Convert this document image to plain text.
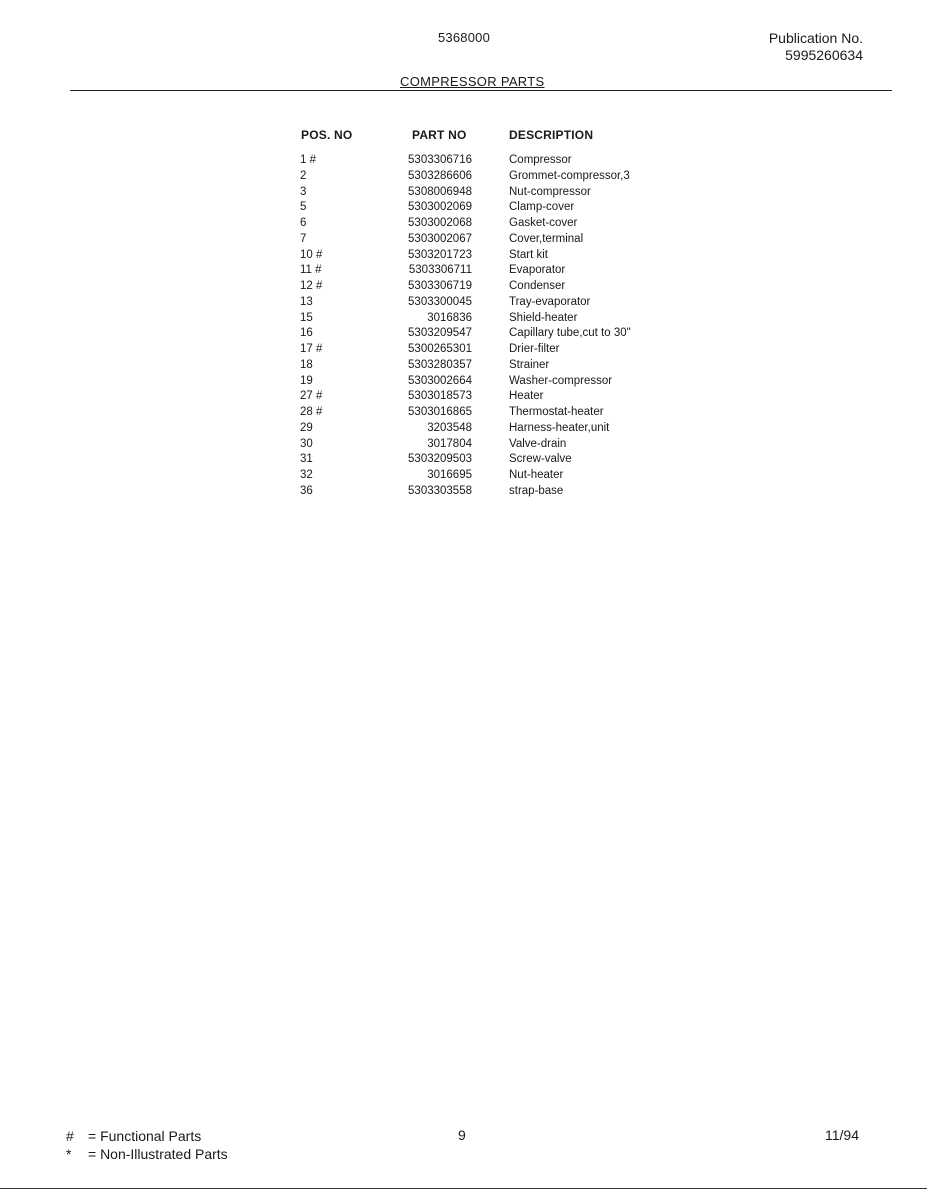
5368000	Publication No.
5995260634
COMPRESSOR PARTS
POS. NO	PART NO	DESCRIPTION
1 #	5303306716	Compressor
2	5303286606	Grommet-compressor,3
3	5308006948	Nut-compressor
5	5303002069	Clamp-cover
6	5303002068	Gasket-cover
7	5303002067	Cover,terminal
10 #	5303201723	Start kit
11 #	5303306711	Evaporator
12 #	5303306719	Condenser
13	5303300045	Tray-evaporator
15	3016836	Shield-heater
16	5303209547	Capillary tube,cut to 30"
17 #	5300265301	Drier-filter
18	5303280357	Strainer
19	5303002664	Washer-compressor
27 #	5303018573	Heater
28 #	5303016865	Thermostat-heater
29	3203548	Harness-heater,unit
30	3017804	Valve-drain
31	5303209503	Screw-valve
32	3016695	Nut-heater
36	5303303558	strap-base
# = Functional Parts
* = Non-Illustrated Parts
9	11/94
